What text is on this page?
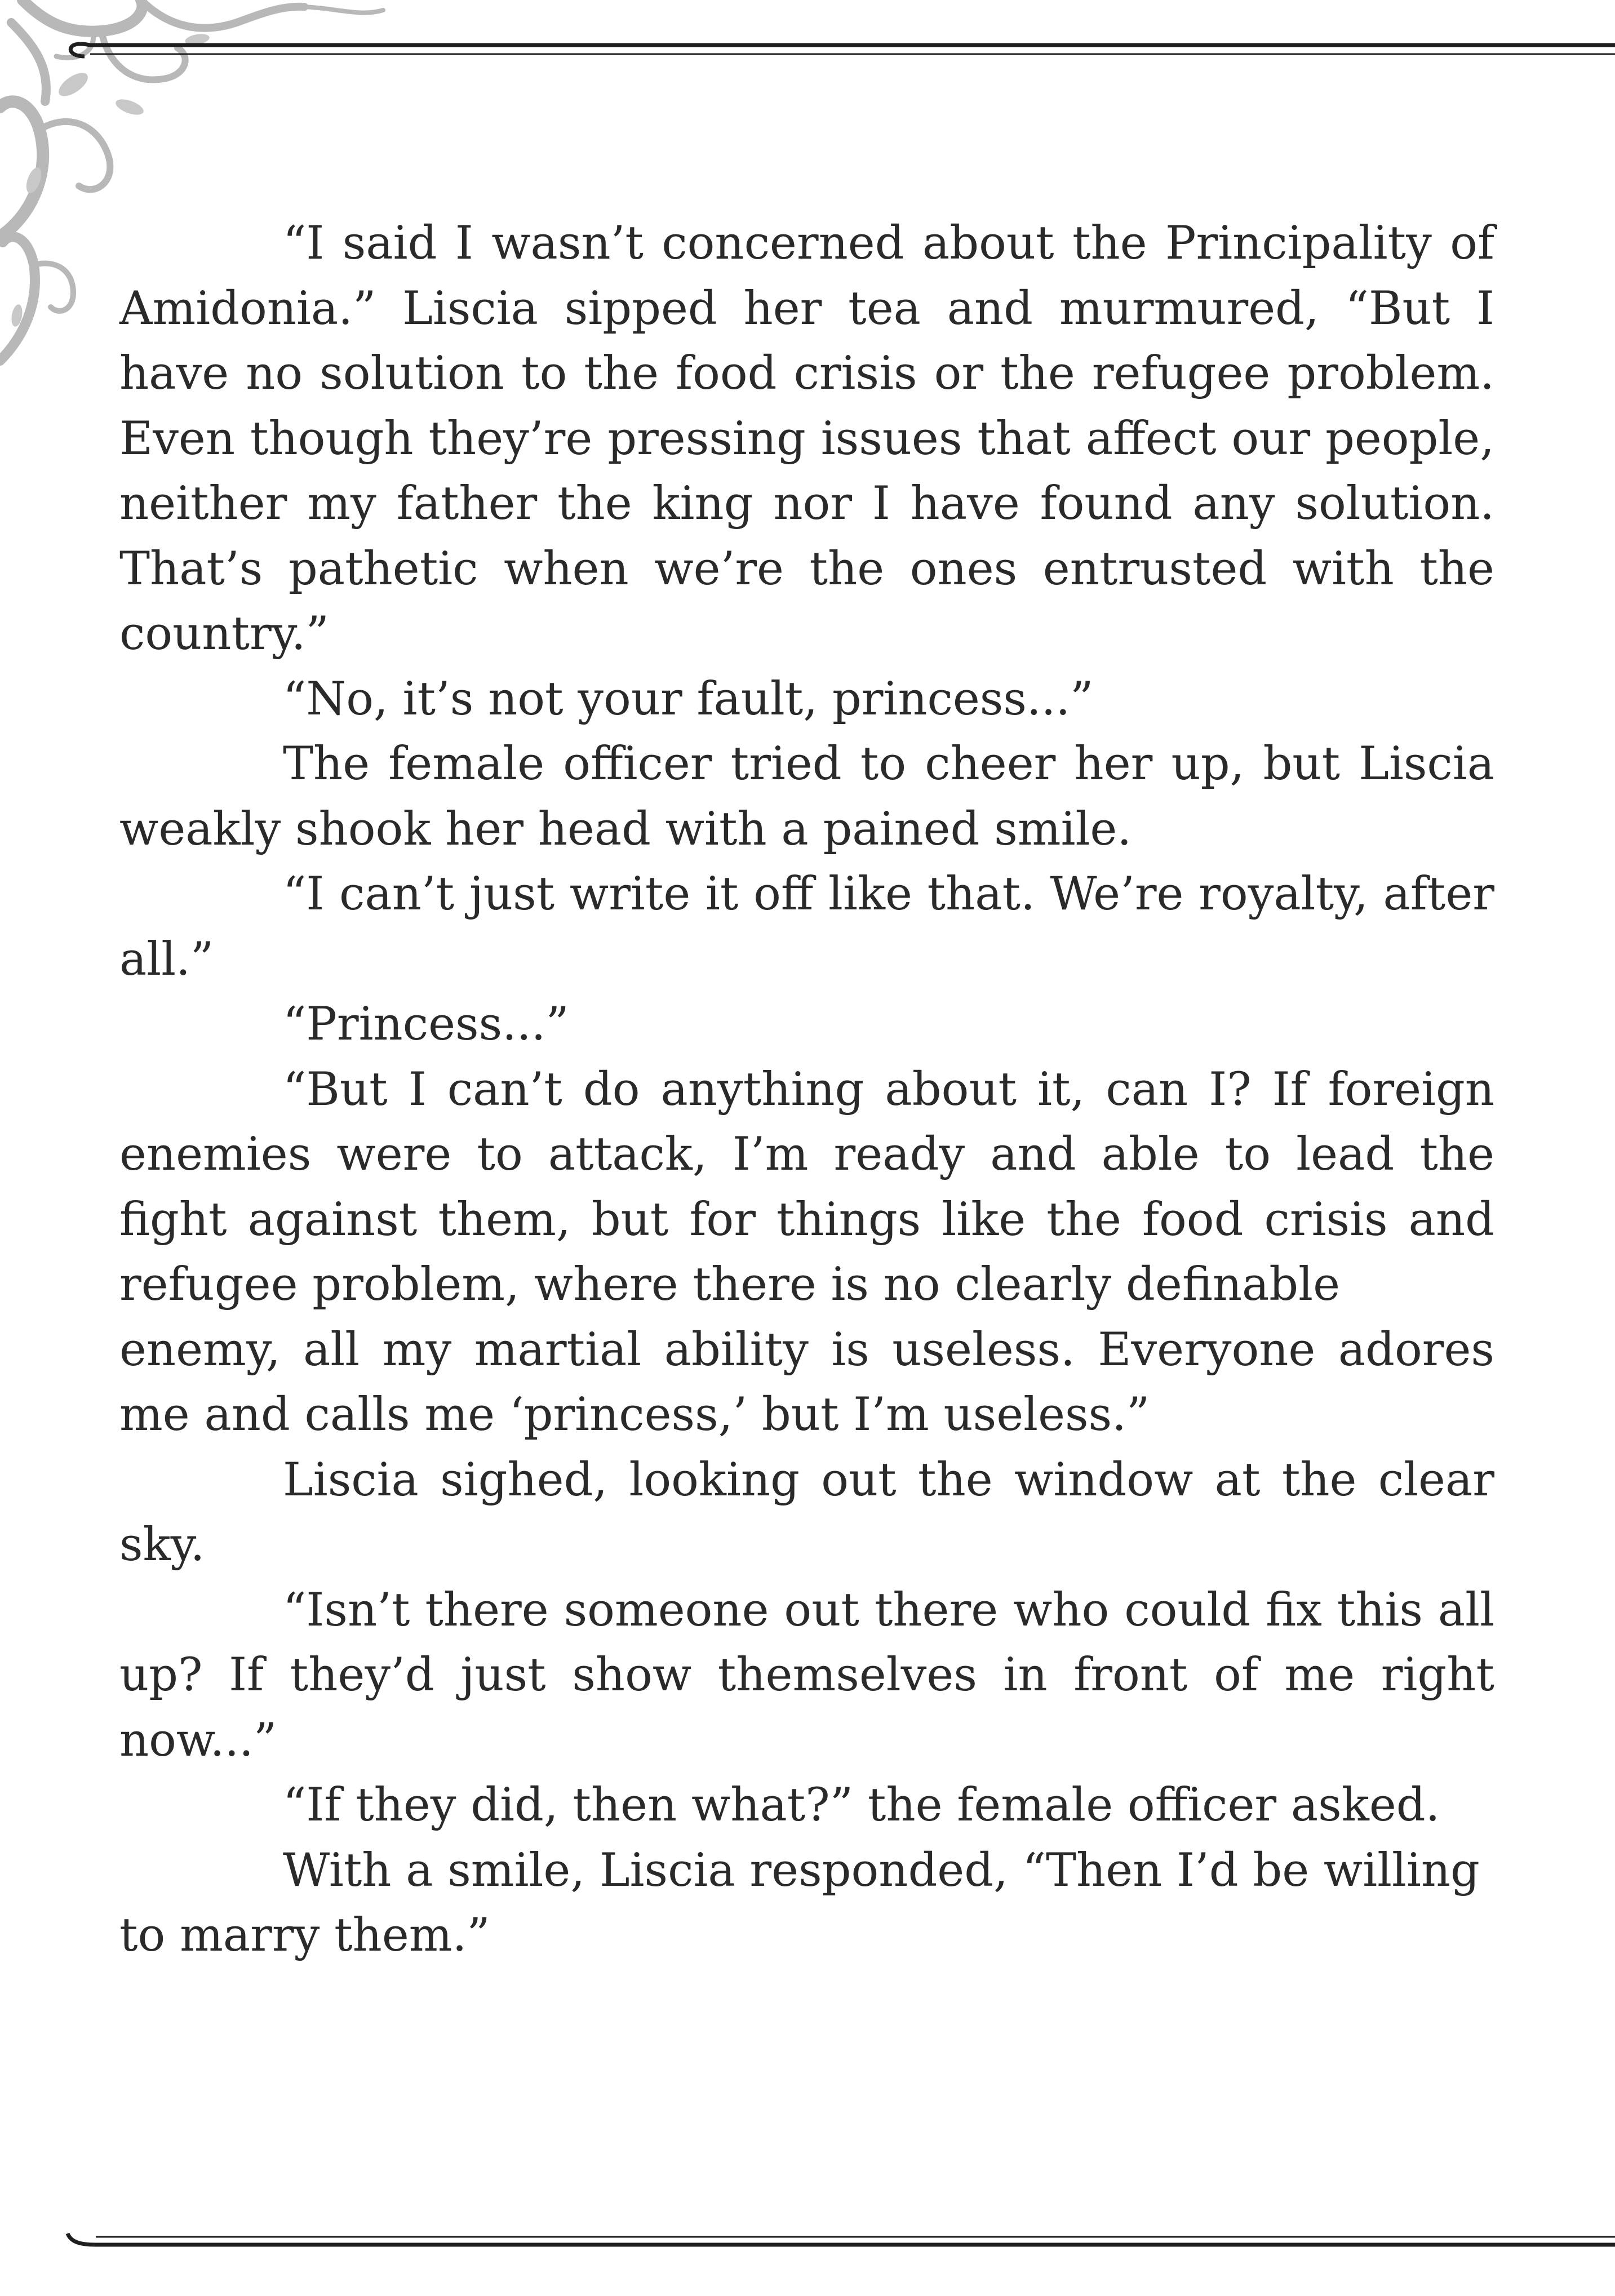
“I said I wasn’t concerned about the Principality of Amidonia.” Liscia sipped her tea and murmured, “But I have no solution to the food crisis or the refugee problem. Even though they’re pressing issues that affect our people, neither my father the king nor I have found any solution. That’s pathetic when we’re the ones entrusted with the country.”

“No, it’s not your fault, princess...”

The female officer tried to cheer her up, but Liscia weakly shook her head with a pained smile.

“I can’t just write it off like that. We’re royalty, after all.”

“Princess...”

“But I can’t do anything about it, can I? If foreign enemies were to attack, I’m ready and able to lead the fight against them, but for things like the food crisis and refugee problem, where there is no clearly definable

enemy, all my martial ability is useless. Everyone adores me and calls me ‘princess,’ but I’m useless.”

Liscia sighed, looking out the window at the clear sky.

“Isn’t there someone out there who could fix this all up? If they’d just show themselves in front of me right now...”

“If they did, then what?” the female officer asked.

With a smile, Liscia responded, “Then I’d be willing to marry them.”
